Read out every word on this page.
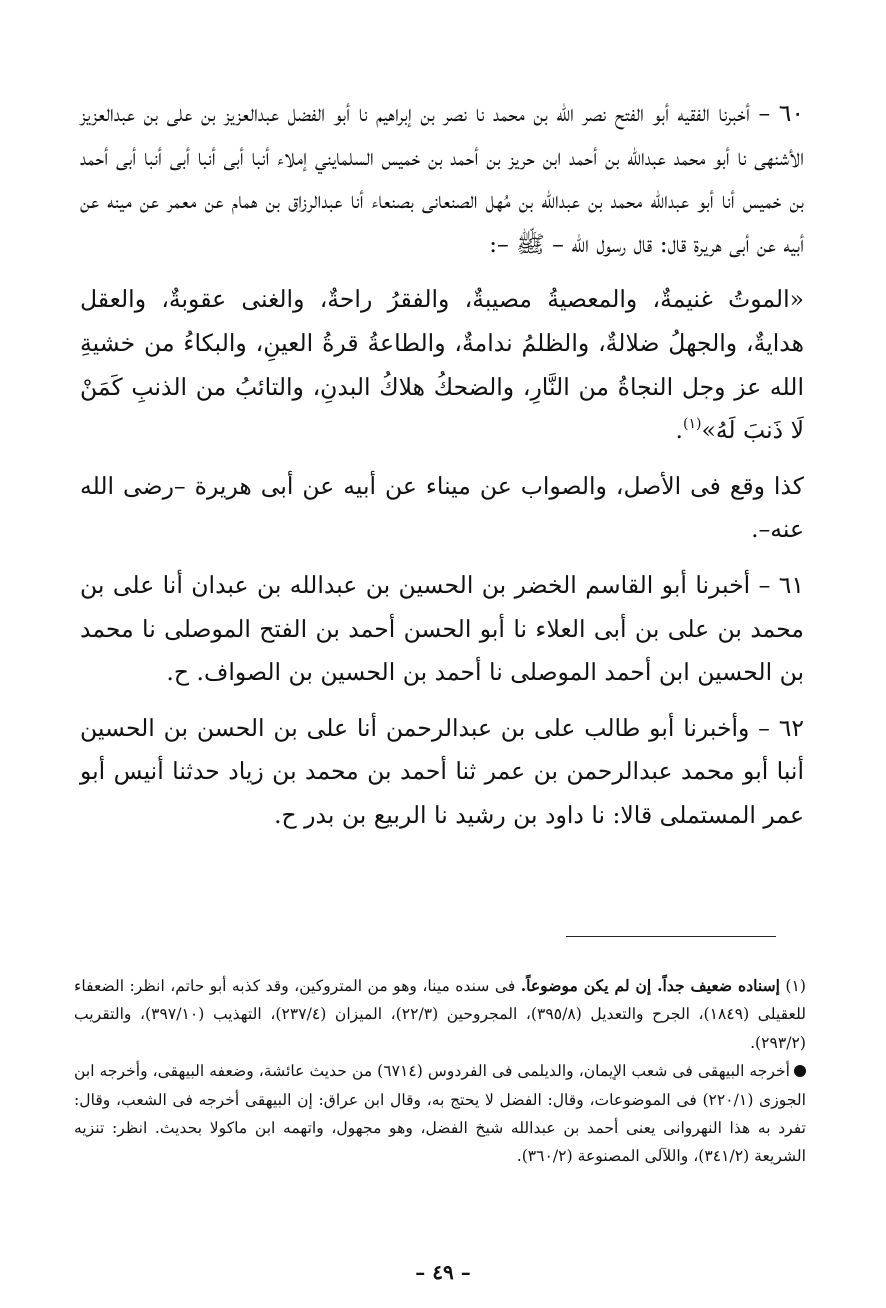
٦٠ – أخبرنا الفقيه أبو الفتح نصر الله بن محمد نا نصر بن إبراهيم نا أبو الفضل عبدالعزيز بن على بن عبدالعزيز الأشنهى نا أبو محمد عبدالله بن أحمد ابن حريز بن أحمد بن خميس السلمايني إملاء أنبا أبى أنبا أبى أنبا أبى أحمد بن خميس أنا أبو عبدالله محمد بن عبدالله بن مُهل الصنعانى بصنعاء أنا عبدالرزاق بن همام عن معمر عن مينه عن أبيه عن أبى هريرة قال: قال رسول الله – ﷺ –:

«الموتُ غنيمةٌ، والمعصيةُ مصيبةٌ، والفقرُ راحةٌ، والغنى عقوبةٌ، والعقل هدايةٌ، والجهلُ ضلالةٌ، والظلمُ ندامةٌ، والطاعةُ قرةُ العينِ، والبكاءُ من خشيةِ الله عز وجل النجاةُ من النَّارِ، والضحكُ هلاكُ البدنِ، والتائبُ من الذنبِ كَمَنْ لَا ذَنبَ لَهُ»$^{(١)}$.

كذا وقع فى الأصل، والصواب عن ميناء عن أبيه عن أبى هريرة –رضى الله عنه–.

٦١ – أخبرنا أبو القاسم الخضر بن الحسين بن عبدالله بن عبدان أنا على بن محمد بن على بن أبى العلاء نا أبو الحسن أحمد بن الفتح الموصلى نا محمد بن الحسين ابن أحمد الموصلى نا أحمد بن الحسين بن الصواف. ح.

٦٢ – وأخبرنا أبو طالب على بن عبدالرحمن أنا على بن الحسن بن الحسين أنبا أبو محمد عبدالرحمن بن عمر ثنا أحمد بن محمد بن زياد حدثنا أنيس أبو عمر المستملى قالا: نا داود بن رشيد نا الربيع بن بدر ح.

(١) إسناده ضعيف جداً. إن لم يكن موضوعاً. فى سنده مينا، وهو من المتروكين، وقد كذبه أبو حاتم، انظر: الضعفاء للعقيلى (١٨٤٩)، الجرح والتعديل (٣٩٥/٨)، المجروحين (٢٢/٣)، الميزان (٢٣٧/٤)، التهذيب (٣٩٧/١٠)، والتقريب (٢٩٣/٢).

أخرجه البيهقى فى شعب الإيمان، والديلمى فى الفردوس (٦٧١٤) من حديث عائشة، وضعفه البيهقى، وأخرجه ابن الجوزى (٢٢٠/١) فى الموضوعات، وقال: الفضل لا يحتج به، وقال ابن عراق: إن البيهقى أخرجه فى الشعب، وقال: تفرد به هذا النهروانى يعنى أحمد بن عبدالله شيخ الفضل، وهو مجهول، واتهمه ابن ماكولا بحديث. انظر: تنزيه الشريعة (٣٤١/٢)، واللآلى المصنوعة (٣٦٠/٢).

– ٤٩ –
